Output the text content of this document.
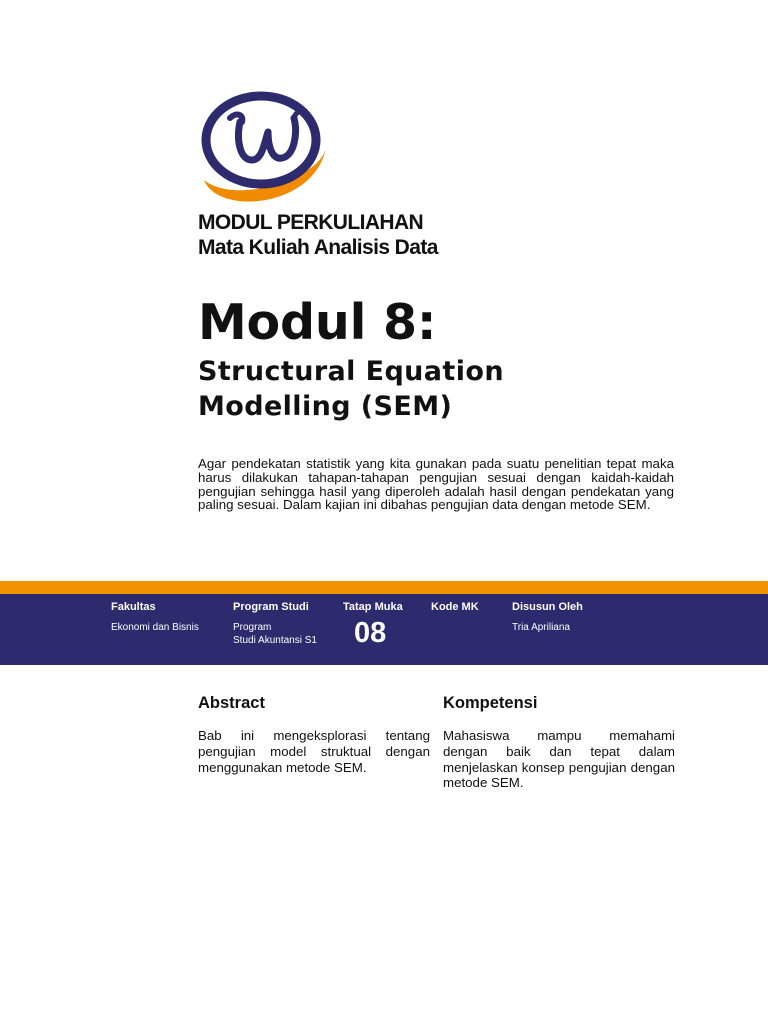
MODUL PERKULIAHAN
Mata Kuliah Analisis Data
Modul 8:
Structural Equation
Modelling (SEM)
Agar pendekatan statistik yang kita gunakan pada suatu penelitian tepat maka harus dilakukan tahapan-tahapan pengujian sesuai dengan kaidah-kaidah pengujian sehingga hasil yang diperoleh adalah hasil dengan pendekatan yang paling sesuai. Dalam kajian ini dibahas pengujian data dengan metode SEM.
Fakultas
Ekonomi dan Bisnis
Program Studi
Program
Studi Akuntansi S1
Tatap Muka
08
Kode MK	Disusun Oleh
Tria Apriliana
Abstract
Bab ini mengeksplorasi tentang pengujian model struktual dengan menggunakan metode SEM.
Kompetensi
Mahasiswa mampu memahami dengan baik dan tepat dalam menjelaskan konsep pengujian dengan metode SEM.
